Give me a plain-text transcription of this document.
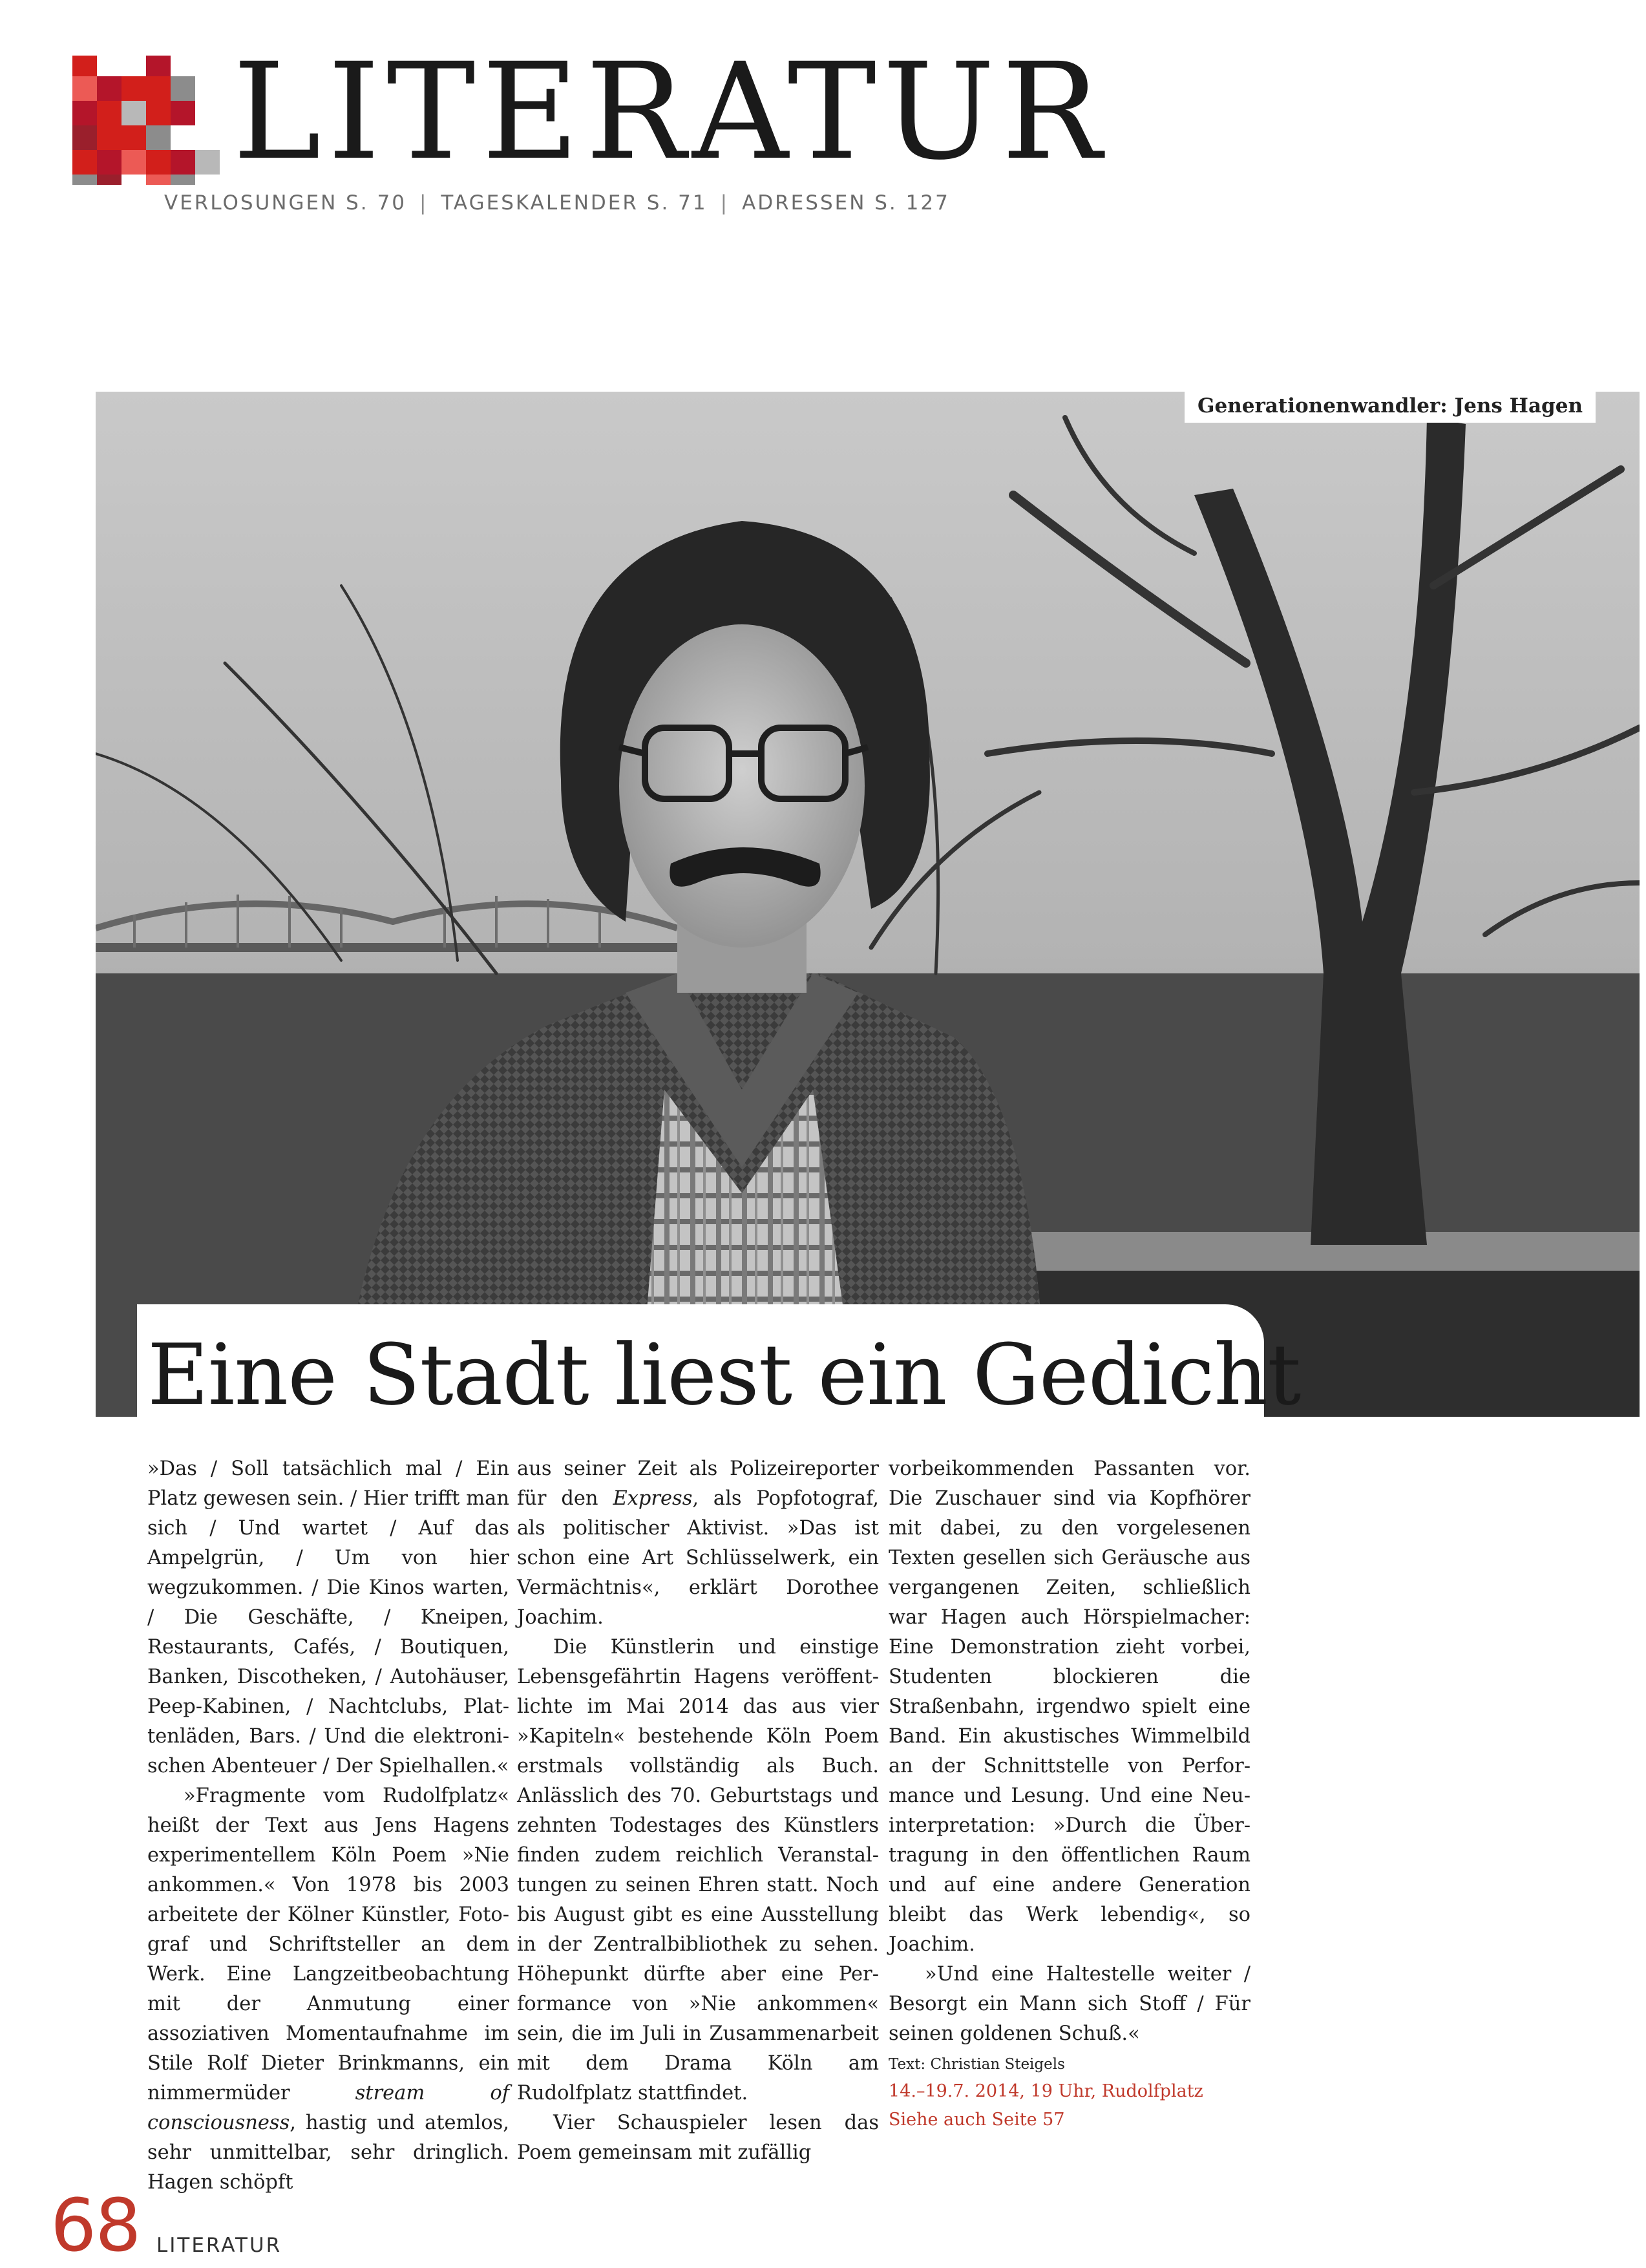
LITERATUR
VERLOSUNGEN S. 70 | TAGESKALENDER S. 71 | ADRESSEN S. 127
Generationenwandler: Jens Hagen
Eine Stadt liest ein Gedicht

»Das / Soll tatsächlich mal / Ein Platz gewesen sein. / Hier trifft man sich / Und wartet / Auf das Ampelgrün, / Um von hier wegzukommen. / Die Kinos warten, / Die Geschäfte, / Kneipen, Restaurants, Cafés, / Boutiquen, Banken, Discotheken, / Autohäuser, Peep-Kabinen, / Nachtclubs, Plattenläden, Bars. / Und die elektronischen Abenteuer / Der Spielhallen.«

»Fragmente vom Rudolfplatz« heißt der Text aus Jens Hagens experimentellem Köln Poem »Nie ankommen.« Von 1978 bis 2003 arbeitete der Kölner Künstler, Fotograf und Schriftsteller an dem Werk. Eine Langzeitbeobachtung mit der Anmutung einer assoziativen Momentaufnahme im Stile Rolf Dieter Brinkmanns, ein nimmermüder stream of consciousness, hastig und atemlos, sehr unmittelbar, sehr dringlich. Hagen schöpft

aus seiner Zeit als Polizeireporter für den Express, als Popfotograf, als politischer Aktivist. »Das ist schon eine Art Schlüsselwerk, ein Vermächtnis«, erklärt Dorothee Joachim.

Die Künstlerin und einstige Lebensgefährtin Hagens veröffentlichte im Mai 2014 das aus vier »Kapiteln« bestehende Köln Poem erstmals vollständig als Buch. Anlässlich des 70. Geburtstags und zehnten Todestages des Künstlers finden zudem reichlich Veranstaltungen zu seinen Ehren statt. Noch bis August gibt es eine Ausstellung in der Zentralbibliothek zu sehen. Höhepunkt dürfte aber eine Performance von »Nie ankommen« sein, die im Juli in Zusammenarbeit mit dem Drama Köln am Rudolfplatz stattfindet.

Vier Schauspieler lesen das Poem gemeinsam mit zufällig

vorbeikommenden Passanten vor. Die Zuschauer sind via Kopfhörer mit dabei, zu den vorgelesenen Texten gesellen sich Geräusche aus vergangenen Zeiten, schließlich war Hagen auch Hörspielmacher: Eine Demonstration zieht vorbei, Studenten blockieren die Straßenbahn, irgendwo spielt eine Band. Ein akustisches Wimmelbild an der Schnittstelle von Performance und Lesung. Und eine Neuinterpretation: »Durch die Übertragung in den öffentlichen Raum und auf eine andere Generation bleibt das Werk lebendig«, so Joachim.

»Und eine Haltestelle weiter / Besorgt ein Mann sich Stoff / Für seinen goldenen Schuß.«

Text: Christian Steigels
14.–19.7. 2014, 19 Uhr, Rudolfplatz
Siehe auch Seite 57
68 LITERATUR
